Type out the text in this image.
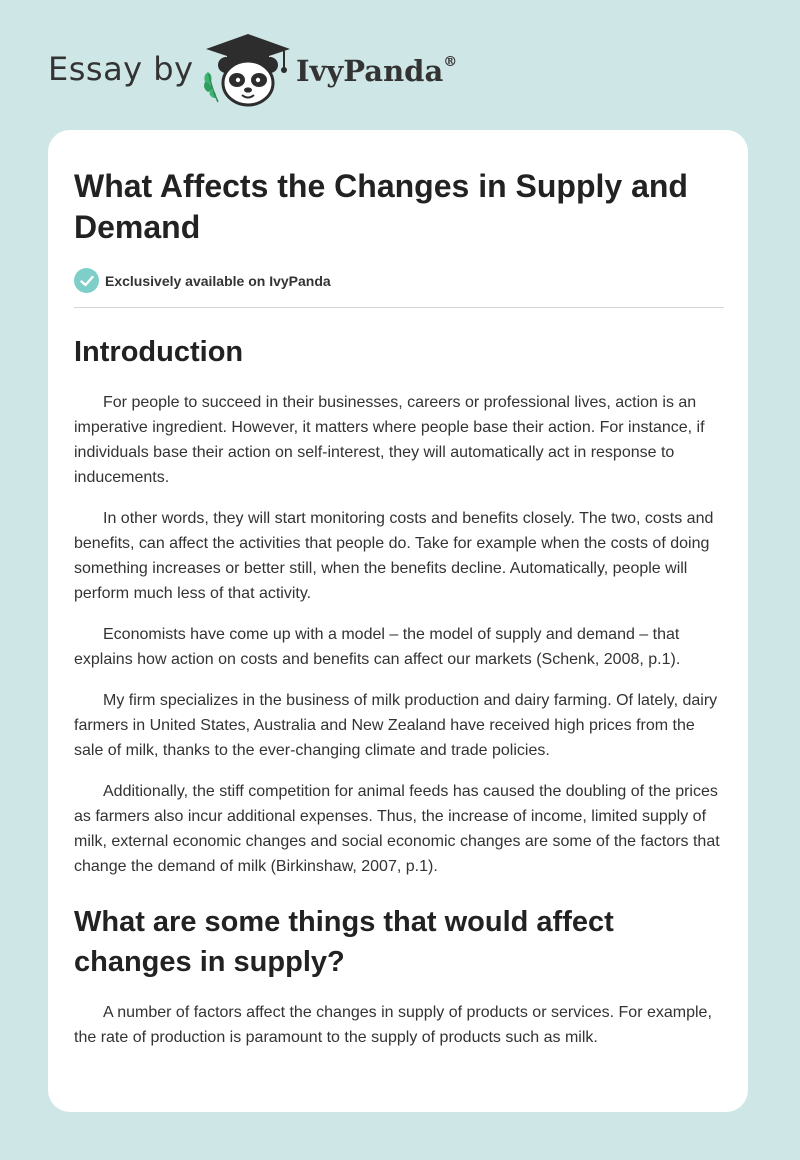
Essay by	IvyPanda®
What Affects the Changes in Supply and Demand
Exclusively available on IvyPanda
Introduction

For people to succeed in their businesses, careers or professional lives, action is an imperative ingredient. However, it matters where people base their action. For instance, if individuals base their action on self-interest, they will automatically act in response to inducements.

In other words, they will start monitoring costs and benefits closely. The two, costs and benefits, can affect the activities that people do. Take for example when the costs of doing something increases or better still, when the benefits decline. Automatically, people will perform much less of that activity.

Economists have come up with a model – the model of supply and demand – that explains how action on costs and benefits can affect our markets (Schenk, 2008, p.1).

My firm specializes in the business of milk production and dairy farming. Of lately, dairy farmers in United States, Australia and New Zealand have received high prices from the sale of milk, thanks to the ever-changing climate and trade policies.

Additionally, the stiff competition for animal feeds has caused the doubling of the prices as farmers also incur additional expenses. Thus, the increase of income, limited supply of milk, external economic changes and social economic changes are some of the factors that change the demand of milk (Birkinshaw, 2007, p.1).

What are some things that would affect changes in supply?

A number of factors affect the changes in supply of products or services. For example, the rate of production is paramount to the supply of products such as milk.
